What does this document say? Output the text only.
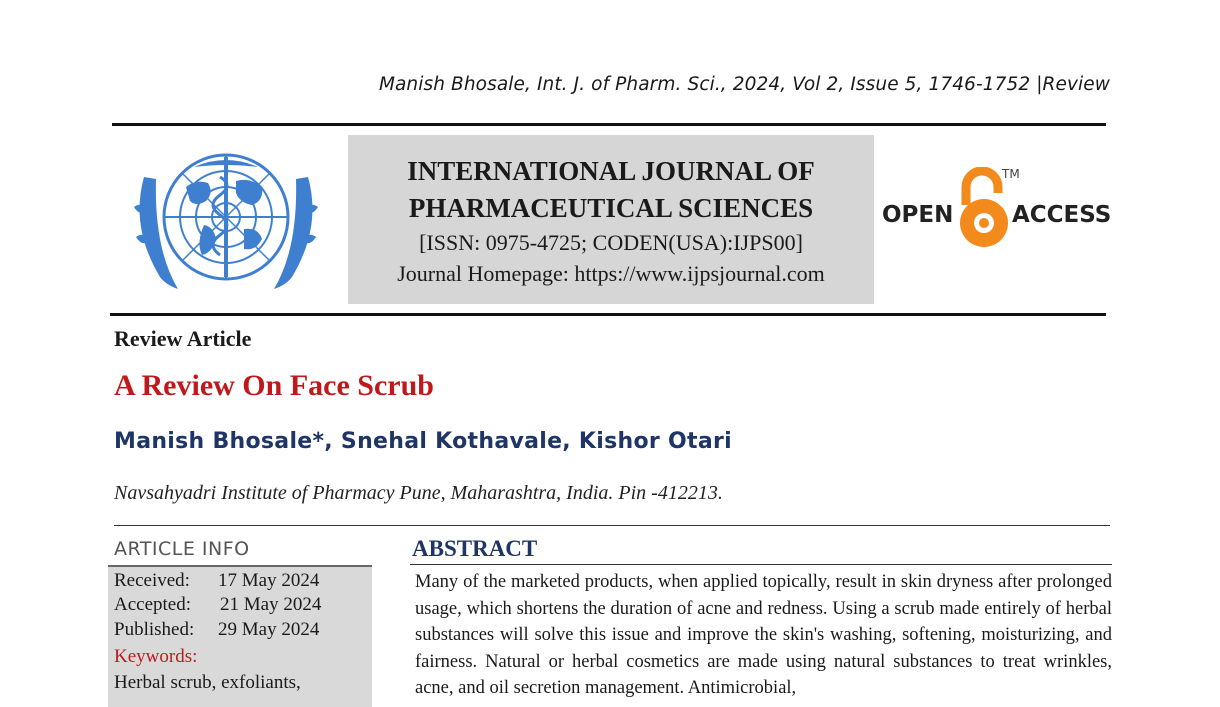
Manish Bhosale, Int. J. of Pharm. Sci., 2024, Vol 2, Issue 5, 1746-1752 |Review
INTERNATIONAL JOURNAL OF
PHARMACEUTICAL SCIENCES
[ISSN: 0975-4725; CODEN(USA):IJPS00]
Journal Homepage: https://www.ijpsjournal.com
OPEN
TM
ACCESS
Review Article
A Review On Face Scrub
Manish Bhosale*, Snehal Kothavale, Kishor Otari
Navsahyadri Institute of Pharmacy Pune, Maharashtra, India. Pin -412213.
ARTICLE INFO
Received: 17 May 2024
Accepted: 21 May 2024
Published: 29 May 2024
Keywords:
Herbal scrub, exfoliants,
ABSTRACT
Many of the marketed products, when applied topically, result in skin dryness after prolonged usage, which shortens the duration of acne and redness. Using a scrub made entirely of herbal substances will solve this issue and improve the skin's washing, softening, moisturizing, and fairness. Natural or herbal cosmetics are made using natural substances to treat wrinkles, acne, and oil secretion management. Antimicrobial,
